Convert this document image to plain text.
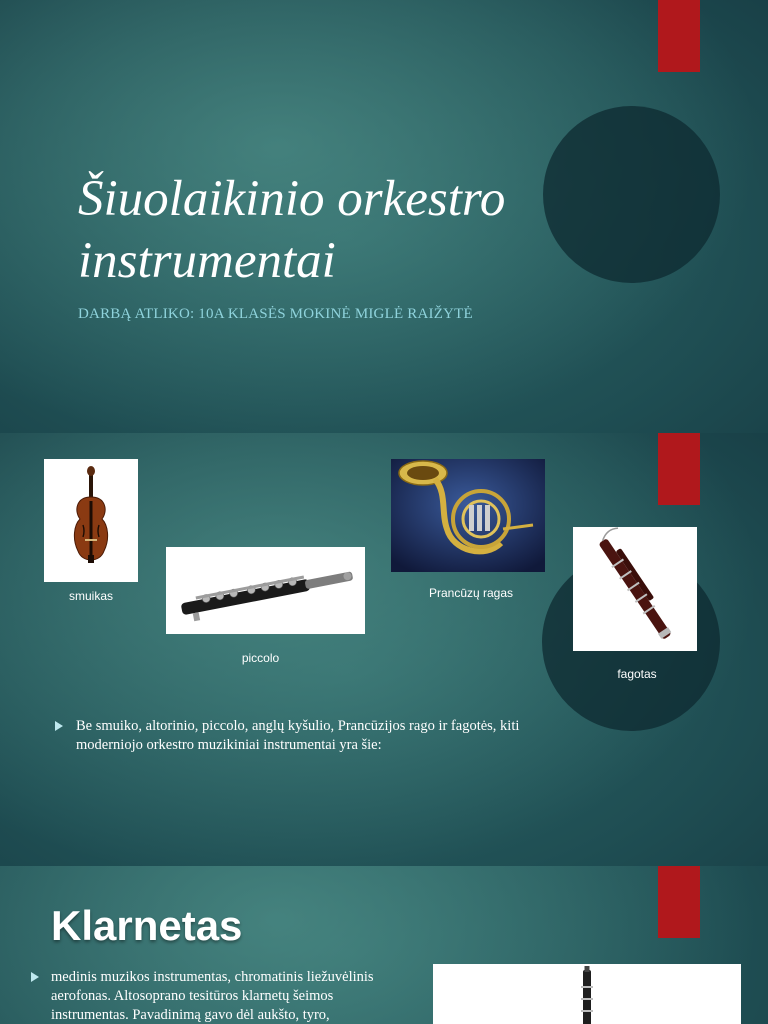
Šiuolaikinio orkestro
instrumentai
DARBĄ ATLIKO: 10A KLASĖS MOKINĖ MIGLĖ RAIŽYTĖ
smuikas
piccolo
Prancūzų ragas
fagotas
Be smuiko, altorinio, piccolo, anglų kyšulio, Prancūzijos rago ir fagotės, kiti moderniojo orkestro muzikiniai instrumentai yra šie:
Klarnetas
medinis muzikos instrumentas, chromatinis liežuvėlinis aerofonas. Altosoprano tesitūros klarnetų šeimos instrumentas. Pavadinimą gavo dėl aukšto, tyro,
